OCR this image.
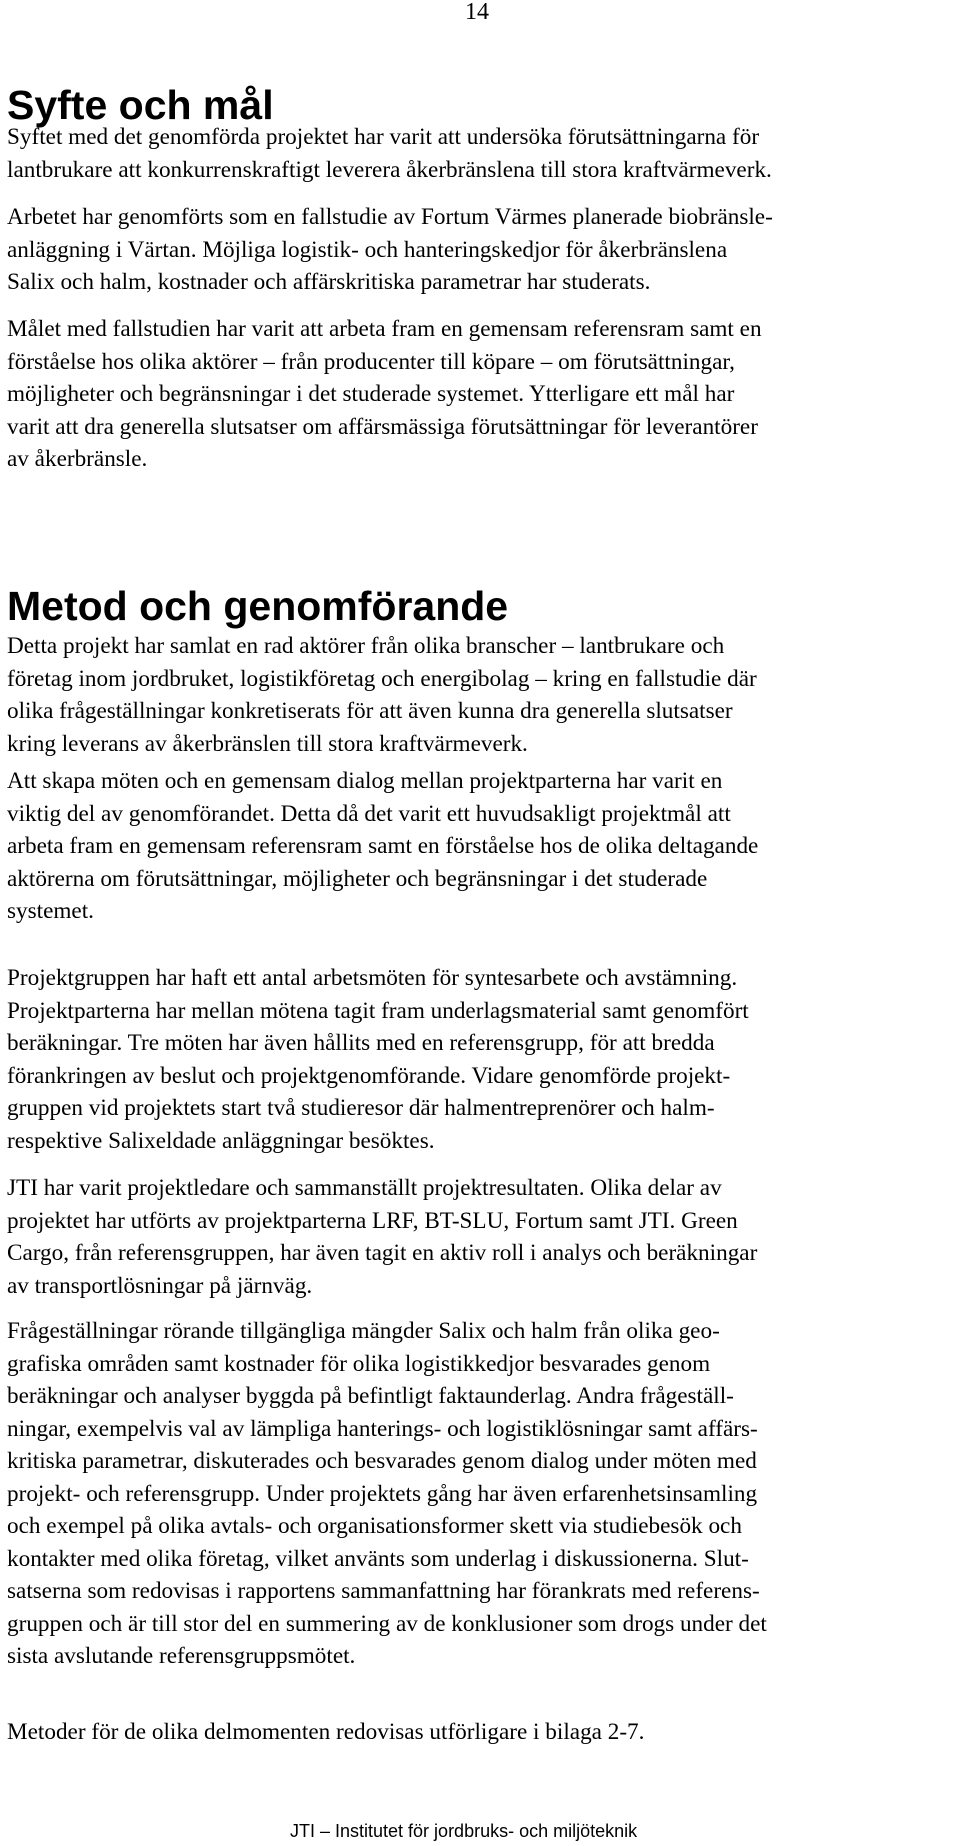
14
Syfte och mål

Syftet med det genomförda projektet har varit att undersöka förutsättningarna för
lantbrukare att konkurrenskraftigt leverera åkerbränslena till stora kraftvärmeverk.

Arbetet har genomförts som en fallstudie av Fortum Värmes planerade biobränsle-
anläggning i Värtan. Möjliga logistik- och hanteringskedjor för åkerbränslena
Salix och halm, kostnader och affärskritiska parametrar har studerats.

Målet med fallstudien har varit att arbeta fram en gemensam referensram samt en
förståelse hos olika aktörer – från producenter till köpare – om förutsättningar,
möjligheter och begränsningar i det studerade systemet. Ytterligare ett mål har
varit att dra generella slutsatser om affärsmässiga förutsättningar för leverantörer
av åkerbränsle.

Metod och genomförande

Detta projekt har samlat en rad aktörer från olika branscher – lantbrukare och
företag inom jordbruket, logistikföretag och energibolag – kring en fallstudie där
olika frågeställningar konkretiserats för att även kunna dra generella slutsatser
kring leverans av åkerbränslen till stora kraftvärmeverk.

Att skapa möten och en gemensam dialog mellan projektparterna har varit en
viktig del av genomförandet. Detta då det varit ett huvudsakligt projektmål att
arbeta fram en gemensam referensram samt en förståelse hos de olika deltagande
aktörerna om förutsättningar, möjligheter och begränsningar i det studerade
systemet.

Projektgruppen har haft ett antal arbetsmöten för syntesarbete och avstämning.
Projektparterna har mellan mötena tagit fram underlagsmaterial samt genomfört
beräkningar. Tre möten har även hållits med en referensgrupp, för att bredda
förankringen av beslut och projektgenomförande. Vidare genomförde projekt-
gruppen vid projektets start två studieresor där halmentreprenörer och halm-
respektive Salixeldade anläggningar besöktes.

JTI har varit projektledare och sammanställt projektresultaten. Olika delar av
projektet har utförts av projektparterna LRF, BT-SLU, Fortum samt JTI. Green
Cargo, från referensgruppen, har även tagit en aktiv roll i analys och beräkningar
av transportlösningar på järnväg.

Frågeställningar rörande tillgängliga mängder Salix och halm från olika geo-
grafiska områden samt kostnader för olika logistikkedjor besvarades genom
beräkningar och analyser byggda på befintligt faktaunderlag. Andra frågeställ-
ningar, exempelvis val av lämpliga hanterings- och logistiklösningar samt affärs-
kritiska parametrar, diskuterades och besvarades genom dialog under möten med
projekt- och referensgrupp. Under projektets gång har även erfarenhetsinsamling
och exempel på olika avtals- och organisationsformer skett via studiebesök och
kontakter med olika företag, vilket använts som underlag i diskussionerna. Slut-
satserna som redovisas i rapportens sammanfattning har förankrats med referens-
gruppen och är till stor del en summering av de konklusioner som drogs under det
sista avslutande referensgruppsmötet.

Metoder för de olika delmomenten redovisas utförligare i bilaga 2-7.

JTI – Institutet för jordbruks- och miljöteknik
